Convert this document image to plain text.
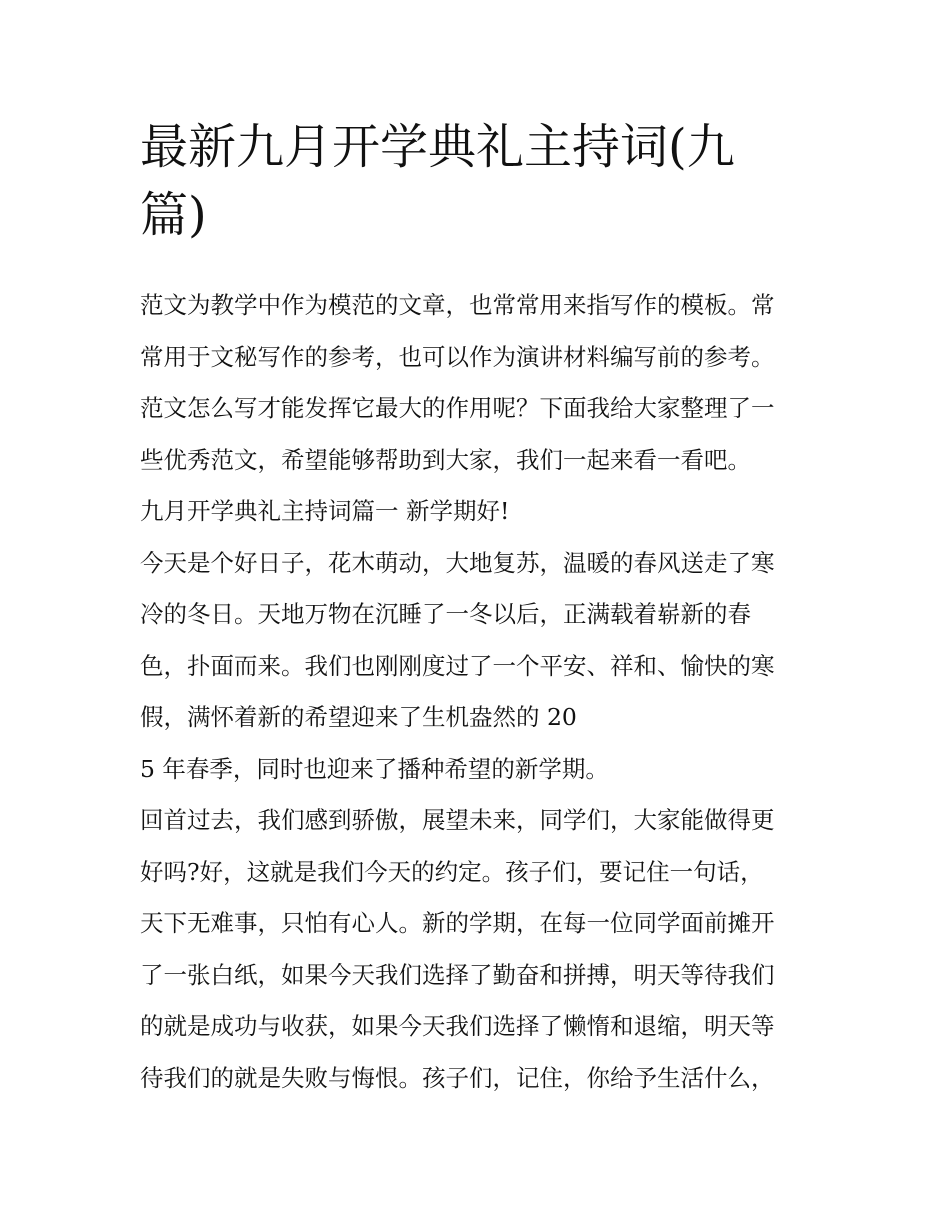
最新九月开学典礼主持词(九
篇)
范文为教学中作为模范的文章，也常常用来指写作的模板。常
常用于文秘写作的参考，也可以作为演讲材料编写前的参考。
范文怎么写才能发挥它最大的作用呢？下面我给大家整理了一
些优秀范文，希望能够帮助到大家，我们一起来看一看吧。
九月开学典礼主持词篇一 新学期好!
今天是个好日子，花木萌动，大地复苏，温暖的春风送走了寒
冷的冬日。天地万物在沉睡了一冬以后，正满载着崭新的春
色，扑面而来。我们也刚刚度过了一个平安、祥和、愉快的寒
假，满怀着新的希望迎来了生机盎然的 20
5 年春季，同时也迎来了播种希望的新学期。
回首过去，我们感到骄傲，展望未来，同学们，大家能做得更
好吗?好，这就是我们今天的约定。孩子们，要记住一句话，
天下无难事，只怕有心人。新的学期，在每一位同学面前摊开
了一张白纸，如果今天我们选择了勤奋和拼搏，明天等待我们
的就是成功与收获，如果今天我们选择了懒惰和退缩，明天等
待我们的就是失败与悔恨。孩子们，记住，你给予生活什么，
